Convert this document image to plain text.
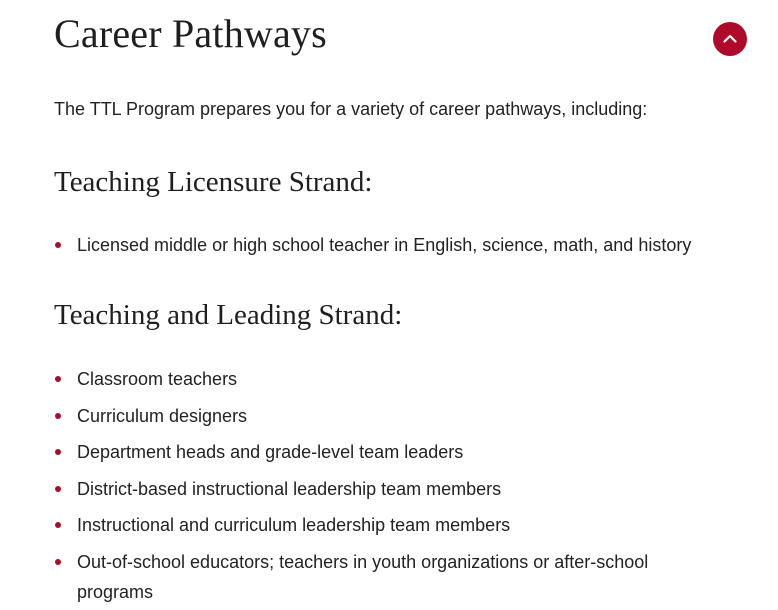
Career Pathways

The TTL Program prepares you for a variety of career pathways, including:

Teaching Licensure Strand:
Licensed middle or high school teacher in English, science, math, and history
Teaching and Leading Strand:
Classroom teachers
Curriculum designers
Department heads and grade-level team leaders
District-based instructional leadership team members
Instructional and curriculum leadership team members
Out-of-school educators; teachers in youth organizations or after-school programs
